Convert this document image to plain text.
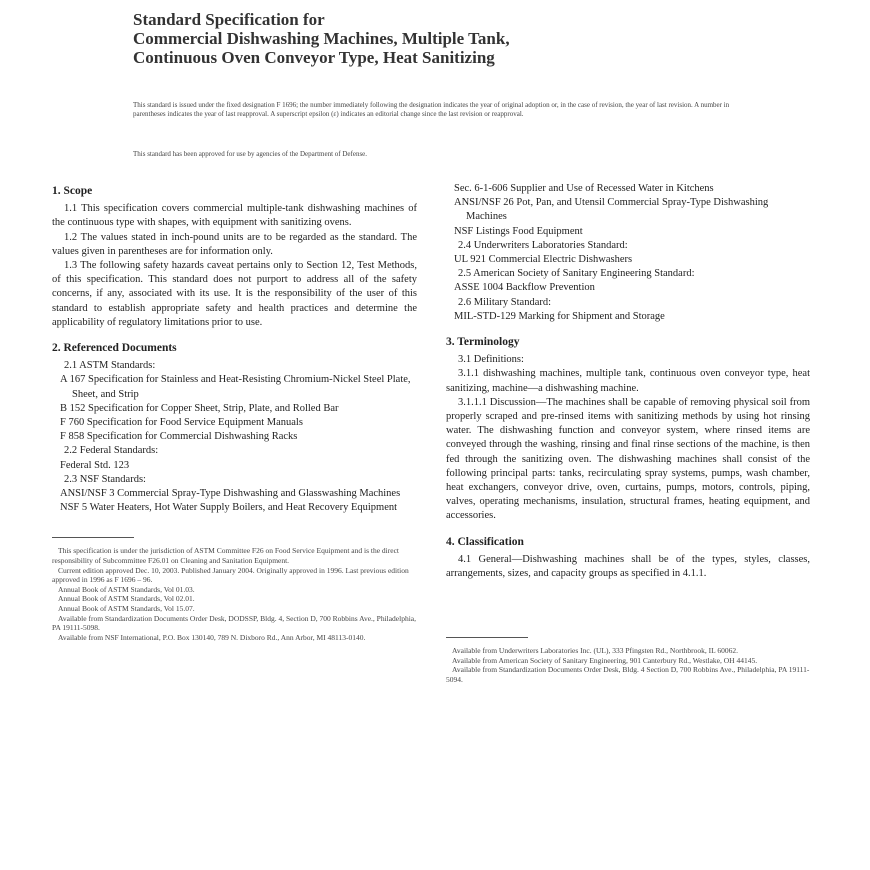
Standard Specification for
Commercial Dishwashing Machines, Multiple Tank,
Continuous Oven Conveyor Type, Heat Sanitizing

This standard is issued under the fixed designation F 1696; the number immediately following the designation indicates the year of original adoption or, in the case of revision, the year of last revision. A number in parentheses indicates the year of last reapproval. A superscript epsilon (ε) indicates an editorial change since the last revision or reapproval.

This standard has been approved for use by agencies of the Department of Defense.

1. Scope

1.1 This specification covers commercial multiple-tank dishwashing machines of the continuous type with shapes, with equipment with sanitizing ovens.

1.2 The values stated in inch-pound units are to be regarded as the standard. The values given in parentheses are for information only.

1.3 The following safety hazards caveat pertains only to Section 12, Test Methods, of this specification. This standard does not purport to address all of the safety concerns, if any, associated with its use. It is the responsibility of the user of this standard to establish appropriate safety and health practices and determine the applicability of regulatory limitations prior to use.

2. Referenced Documents

2.1 ASTM Standards:

A 167 Specification for Stainless and Heat-Resisting Chromium-Nickel Steel Plate, Sheet, and Strip

B 152 Specification for Copper Sheet, Strip, Plate, and Rolled Bar

F 760 Specification for Food Service Equipment Manuals

F 858 Specification for Commercial Dishwashing Racks

2.2 Federal Standards:

Federal Std. 123

2.3 NSF Standards:

ANSI/NSF 3 Commercial Spray-Type Dishwashing and Glasswashing Machines

NSF 5 Water Heaters, Hot Water Supply Boilers, and Heat Recovery Equipment

This specification is under the jurisdiction of ASTM Committee F26 on Food Service Equipment and is the direct responsibility of Subcommittee F26.01 on Cleaning and Sanitation Equipment.

Current edition approved Dec. 10, 2003. Published January 2004. Originally approved in 1996. Last previous edition approved in 1996 as F 1696 – 96.

Annual Book of ASTM Standards, Vol 01.03.

Annual Book of ASTM Standards, Vol 02.01.

Annual Book of ASTM Standards, Vol 15.07.

Available from Standardization Documents Order Desk, DODSSP, Bldg. 4, Section D, 700 Robbins Ave., Philadelphia, PA 19111-5098.

Available from NSF International, P.O. Box 130140, 789 N. Dixboro Rd., Ann Arbor, MI 48113-0140.

Sec. 6-1-606 Supplier and Use of Recessed Water in Kitchens

ANSI/NSF 26 Pot, Pan, and Utensil Commercial Spray-Type Dishwashing Machines

NSF Listings Food Equipment

2.4 Underwriters Laboratories Standard:

UL 921 Commercial Electric Dishwashers

2.5 American Society of Sanitary Engineering Standard:

ASSE 1004 Backflow Prevention

2.6 Military Standard:

MIL-STD-129 Marking for Shipment and Storage

3. Terminology

3.1 Definitions:

3.1.1 dishwashing machines, multiple tank, continuous oven conveyor type, heat sanitizing, machine—a dishwashing machine.

3.1.1.1 Discussion—The machines shall be capable of removing physical soil from properly scraped and pre-rinsed items with sanitizing methods by using hot rinsing water. The dishwashing function and conveyor system, where rinsed items are conveyed through the washing, rinsing and final rinse sections of the machine, is then fed through the sanitizing oven. The dishwashing machines shall consist of the following principal parts: tanks, recirculating spray systems, pumps, wash chamber, heat exchangers, conveyor drive, oven, curtains, pumps, motors, controls, piping, valves, operating mechanisms, insulation, structural frames, heating equipment, and accessories.

4. Classification

4.1 General—Dishwashing machines shall be of the types, styles, classes, arrangements, sizes, and capacity groups as specified in 4.1.1.

Available from Underwriters Laboratories Inc. (UL), 333 Pfingsten Rd., Northbrook, IL 60062.

Available from American Society of Sanitary Engineering, 901 Canterbury Rd., Westlake, OH 44145.

Available from Standardization Documents Order Desk, Bldg. 4 Section D, 700 Robbins Ave., Philadelphia, PA 19111-5094.
